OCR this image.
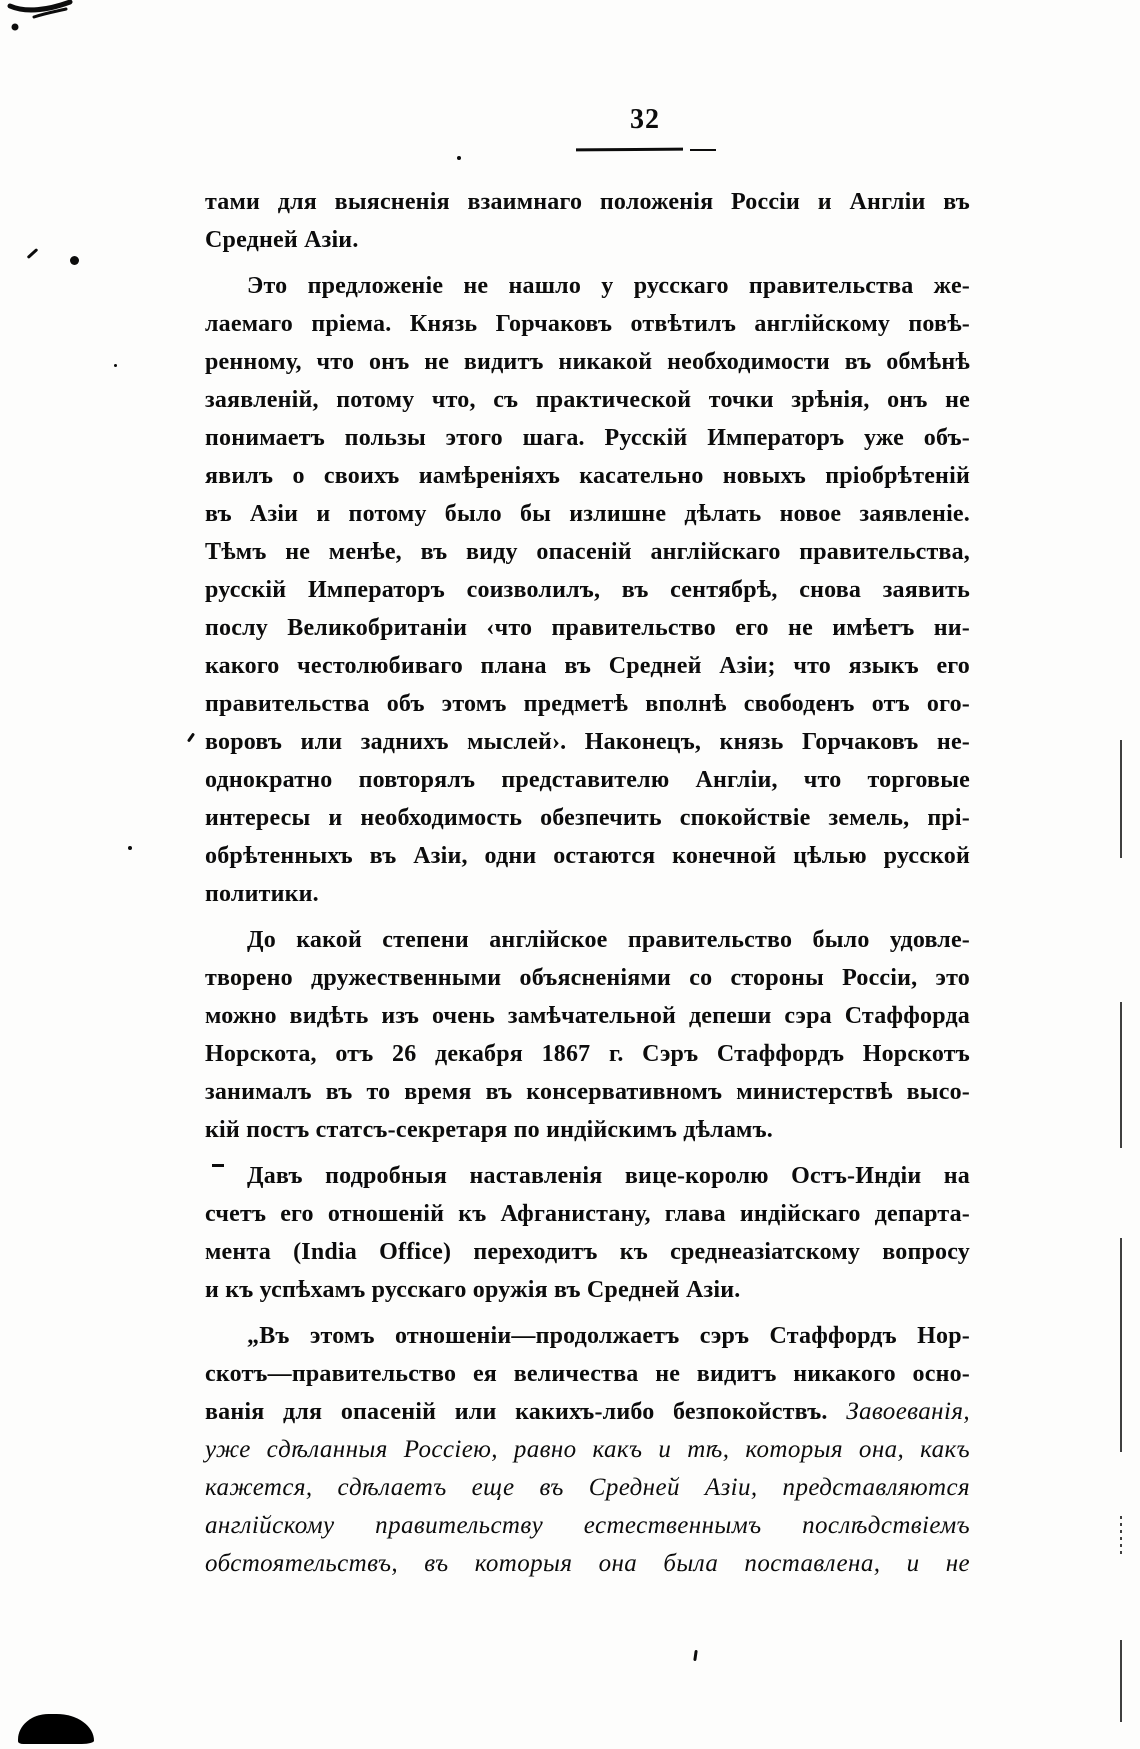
32
тами для выясненія взаимнаго положенія Россіи и Англіи въ
Средней Азіи.
Это предложеніе не нашло у русскаго правительства же-
лаемаго пріема. Князь Горчаковъ отвѣтилъ англійскому повѣ-
ренному, что онъ не видитъ никакой необходимости въ обмѣнѣ
заявленій, потому что, съ практической точки зрѣнія, онъ не
понимаетъ пользы этого шага. Русскій Императоръ уже объ-
явилъ о своихъ иамѣреніяхъ касательно новыхъ пріобрѣтеній
въ Азіи и потому было бы излишне дѣлать новое заявленіе.
Тѣмъ не менѣе, въ виду опасеній англійскаго правительства,
русскій Императоръ соизволилъ, въ сентябрѣ, снова заявить
послу Великобританіи ‹что правительство его не имѣетъ ни-
какого честолюбиваго плана въ Средней Азіи; что языкъ его
правительства объ этомъ предметѣ вполнѣ свободенъ отъ ого-
воровъ или заднихъ мыслей›. Наконецъ, князь Горчаковъ не-
однократно повторялъ представителю Англіи, что торговые
интересы и необходимость обезпечить спокойствіе земель, прі-
обрѣтенныхъ въ Азіи, одни остаются конечной цѣлью русской
политики.
До какой степени англійское правительство было удовле-
творено дружественными объясненіями со стороны Россіи, это
можно видѣть изъ очень замѣчательной депеши сэра Стаффорда
Норскота, отъ 26 декабря 1867 г. Сэръ Стаффордъ Норскотъ
занималъ въ то время въ консервативномъ министерствѣ высо-
кій постъ статсъ-секретаря по индійскимъ дѣламъ.
Давъ подробныя наставленія вице-королю Остъ-Индіи на
счетъ его отношеній къ Афганистану, глава индійскаго департа-
мента (India Office) переходитъ къ среднеазіатскому вопросу
и къ успѣхамъ русскаго оружія въ Средней Азіи.
„Въ этомъ отношеніи—продолжаетъ сэръ Стаффордъ Нор-
скотъ—правительство ея величества не видитъ никакого осно-
ванія для опасеній или какихъ-либо безпокойствъ. Завоеванія,
уже сдѣланныя Россіею, равно какъ и тѣ, которыя она, какъ
кажется, сдѣлаетъ еще въ Средней Азіи, представляются
англійскому правительству естественнымъ послѣдствіемъ
обстоятельствъ, въ которыя она была поставлена, и не
